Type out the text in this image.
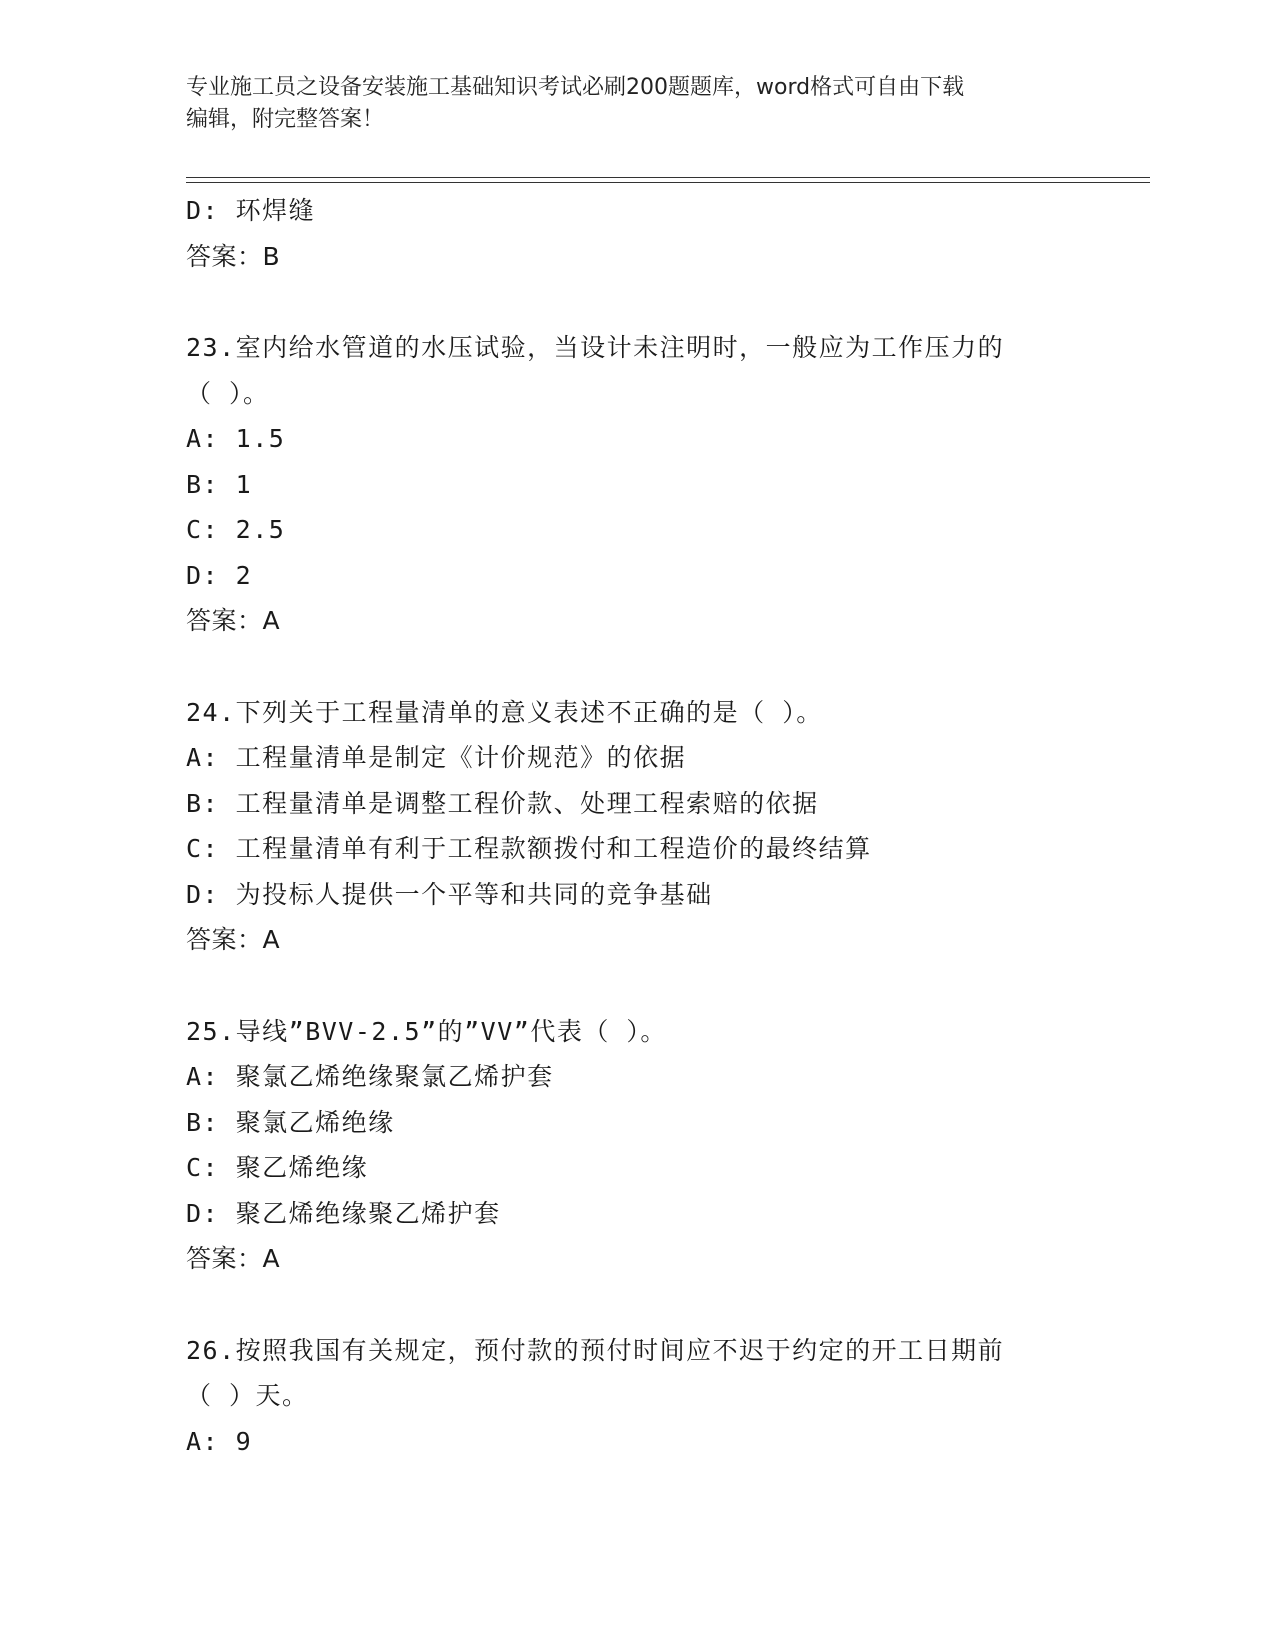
专业施工员之设备安装施工基础知识考试必刷200题题库，word格式可自由下载
编辑，附完整答案！
D: 环焊缝
答案：B
23.室内给水管道的水压试验，当设计未注明时，一般应为工作压力的
（ ）。
A: 1.5
B: 1
C: 2.5
D: 2
答案：A
24.下列关于工程量清单的意义表述不正确的是（ ）。
A: 工程量清单是制定《计价规范》的依据
B: 工程量清单是调整工程价款、处理工程索赔的依据
C: 工程量清单有利于工程款额拨付和工程造价的最终结算
D: 为投标人提供一个平等和共同的竞争基础
答案：A
25.导线”BVV-2.5”的”VV”代表（ ）。
A: 聚氯乙烯绝缘聚氯乙烯护套
B: 聚氯乙烯绝缘
C: 聚乙烯绝缘
D: 聚乙烯绝缘聚乙烯护套
答案：A
26.按照我国有关规定，预付款的预付时间应不迟于约定的开工日期前
（ ）天。
A: 9
